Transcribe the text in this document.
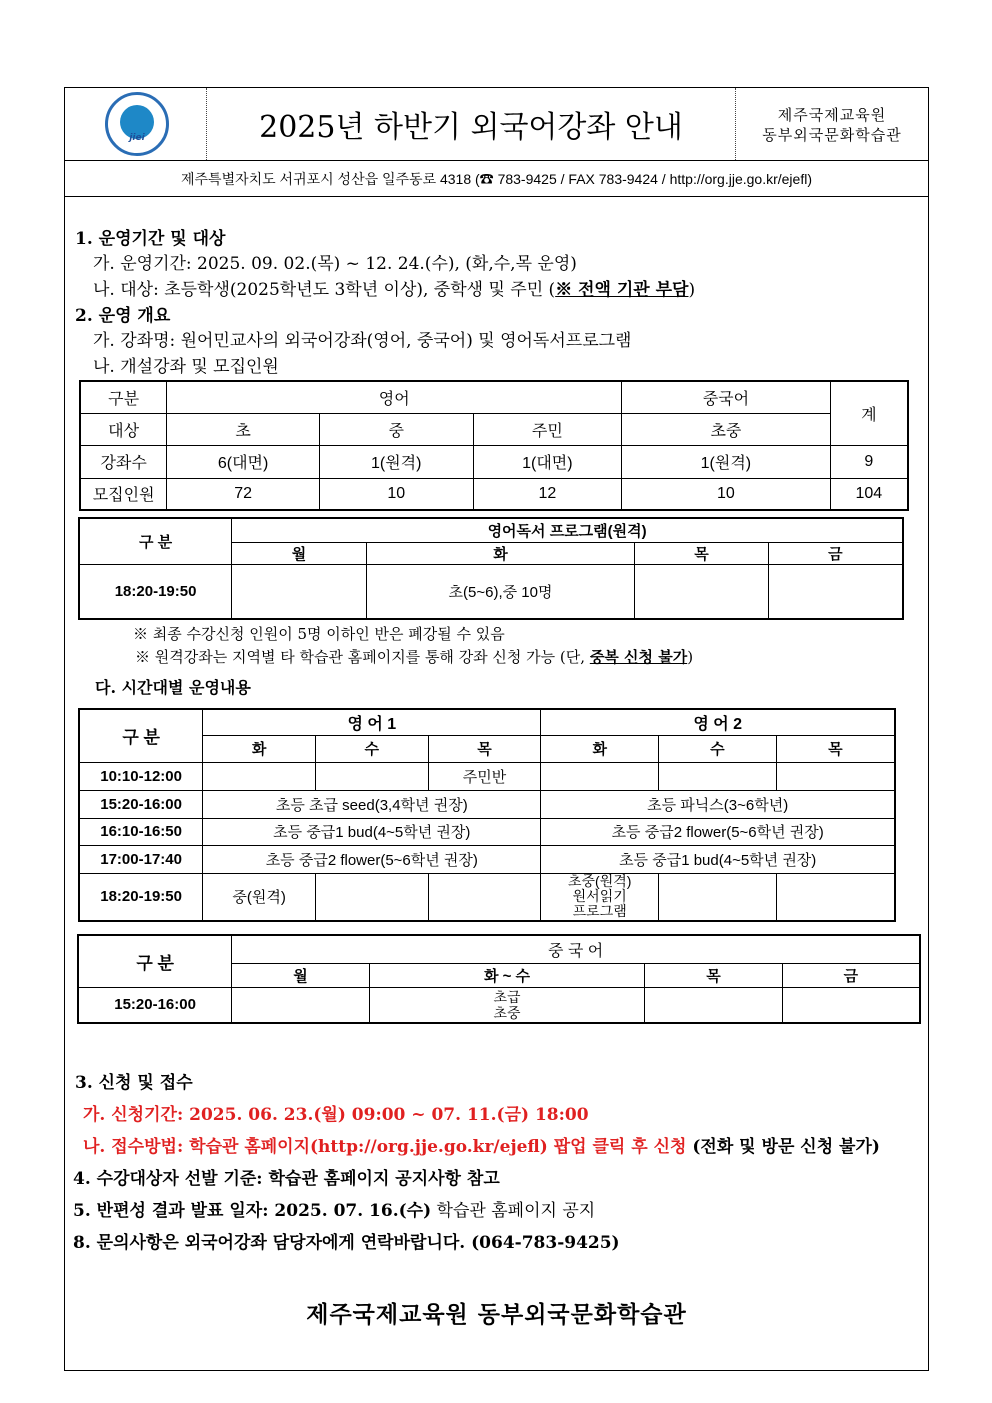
jiei	2025년 하반기 외국어강좌 안내	제주국제교육원
동부외국문화학습관
제주특별자치도 서귀포시 성산읍 일주동로 4318 (☎ 783-9425 / FAX 783-9424 / http://org.jje.go.kr/ejefl)
1. 운영기간 및 대상
가. 운영기간: 2025. 09. 02.(목) ~ 12. 24.(수), (화,수,목 운영)
나. 대상: 초등학생(2025학년도 3학년 이상), 중학생 및 주민 (※ 전액 기관 부담)
2. 운영 개요
가. 강좌명: 원어민교사의 외국어강좌(영어, 중국어) 및 영어독서프로그램
나. 개설강좌 및 모집인원
구분	영어			중국어	계
대상	초	중	주민	초중	
강좌수	6(대면)	1(원격)	1(대면)	1(원격)	9
모집인원	72	10	12	10	104
구 분	영어독서 프로그램(원격)			
	월	화	목	금
18:20-19:50		초(5~6),중 10명		
※ 최종 수강신청 인원이 5명 이하인 반은 폐강될 수 있음
※ 원격강좌는 지역별 타 학습관 홈페이지를 통해 강좌 신청 가능 (단, 중복 신청 불가)
다. 시간대별 운영내용
구 분	영 어 1			영 어 2		
	화	수	목	화	수	목
10:10-12:00			주민반			
15:20-16:00	초등 초급 seed(3,4학년 권장)			초등 파닉스(3~6학년)		
16:10-16:50	초등 중급1 bud(4~5학년 권장)			초등 중급2 flower(5~6학년 권장)		
17:00-17:40	초등 중급2 flower(5~6학년 권장)			초등 중급1 bud(4~5학년 권장)		
18:20-19:50	중(원격)			초중(원격)
원서읽기
프로그램		

구 분	중 국 어			
	월	화 ~ 수	목	금
15:20-16:00		초급
초중		

3. 신청 및 접수
가. 신청기간: 2025. 06. 23.(월) 09:00 ~ 07. 11.(금) 18:00
나. 접수방법: 학습관 홈페이지(http://org.jje.go.kr/ejefl) 팝업 클릭 후 신청 (전화 및 방문 신청 불가)
4. 수강대상자 선발 기준: 학습관 홈페이지 공지사항 참고
5. 반편성 결과 발표 일자: 2025. 07. 16.(수) 학습관 홈페이지 공지
8. 문의사항은 외국어강좌 담당자에게 연락바랍니다. (064-783-9425)
제주국제교육원 동부외국문화학습관
